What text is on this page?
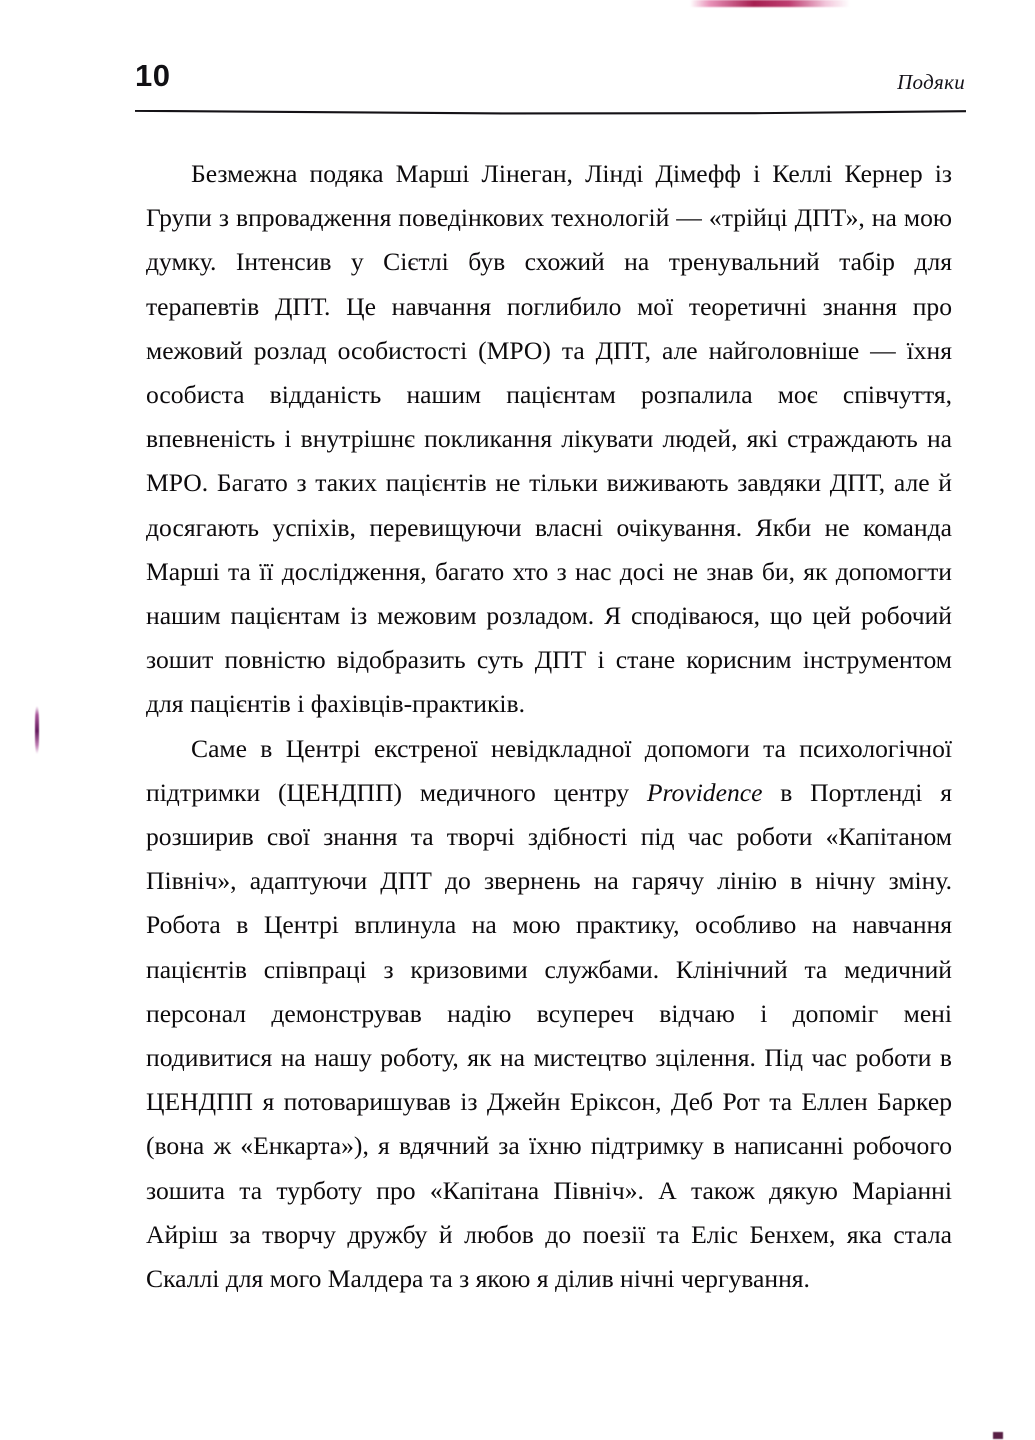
10	Подяки

Безмежна подяка Марші Лінеган, Лінді Дімефф і Келлі Кернер із Групи з впровадження поведінкових технологій — «трійці ДПТ», на мою думку. Інтенсив у Сієтлі був схожий на тренувальний табір для терапевтів ДПТ. Це навчання поглибило мої теоретичні знання про межовий розлад особистості (МРО) та ДПТ, але найголовніше — їхня особиста відданість нашим пацієнтам розпалила моє співчуття, впевненість і внутрішнє покликання лікувати людей, які страждають на МРО. Багато з таких пацієнтів не тільки виживають завдяки ДПТ, але й досягають успіхів, перевищуючи власні очікування. Якби не команда Марші та її дослідження, багато хто з нас досі не знав би, як допомогти нашим пацієнтам із межовим розладом. Я сподіваюся, що цей робочий зошит повністю відобразить суть ДПТ і стане корисним інструментом для пацієнтів і фахівців-практиків.

Саме в Центрі екстреної невідкладної допомоги та психологічної підтримки (ЦЕНДПП) медичного центру Providence в Портленді я розширив свої знання та творчі здібності під час роботи «Капітаном Північ», адаптуючи ДПТ до звернень на гарячу лінію в нічну зміну. Робота в Центрі вплинула на мою практику, особливо на навчання пацієнтів співпраці з кризовими службами. Клінічний та медичний персонал демонстрував надію всупереч відчаю і допоміг мені подивитися на нашу роботу, як на мистецтво зцілення. Під час роботи в ЦЕНДПП я потоваришував із Джейн Еріксон, Деб Рот та Еллен Баркер (вона ж «Енкарта»), я вдячний за їхню підтримку в написанні робочого зошита та турботу про «Капітана Північ». А також дякую Маріанні Айріш за творчу дружбу й любов до поезії та Еліс Бенхем, яка стала Скаллі для мого Малдера та з якою я ділив нічні чергування.
